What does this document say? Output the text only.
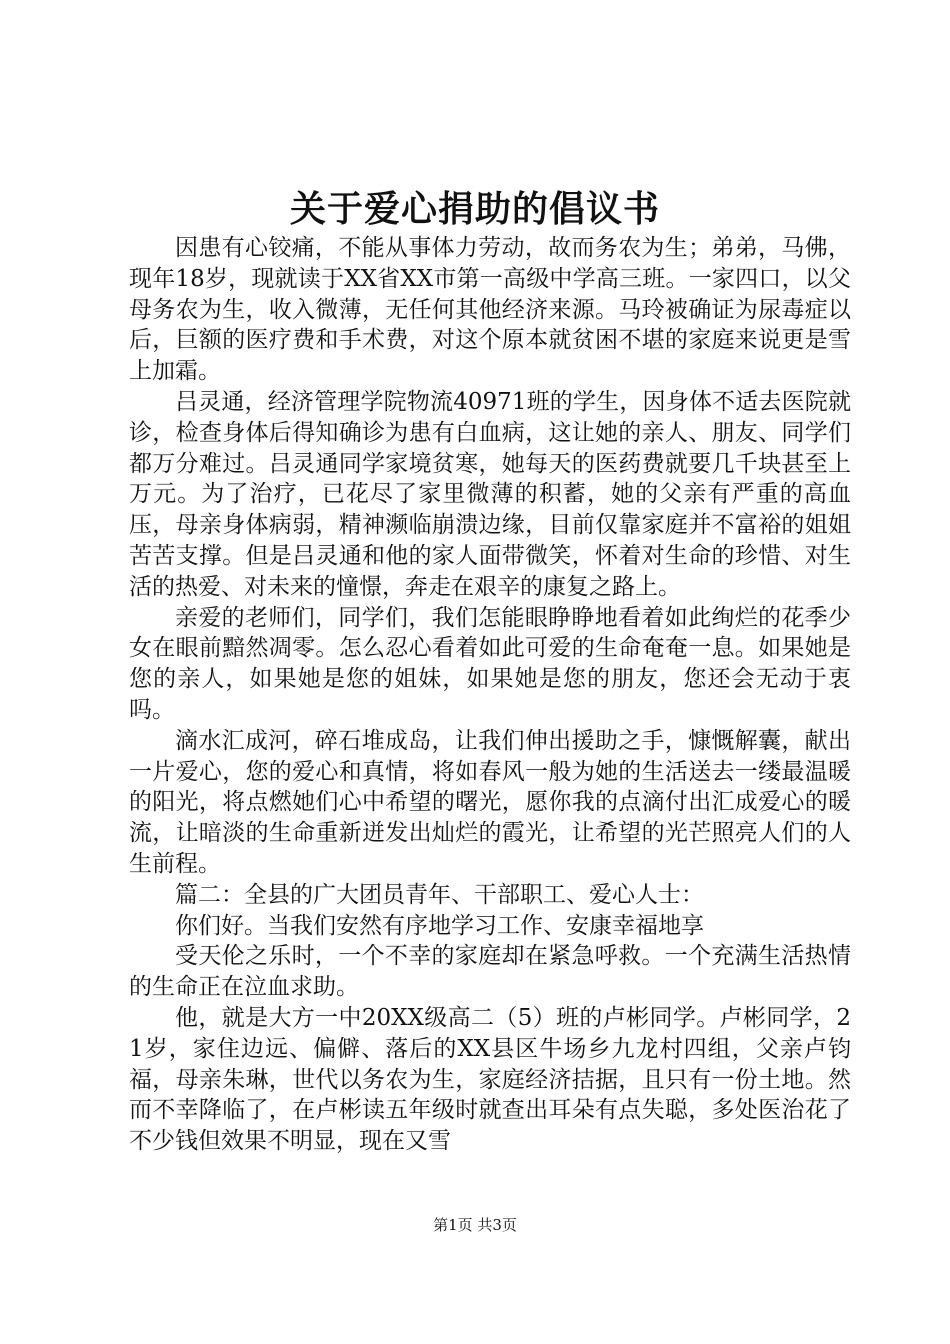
关于爱心捐助的倡议书

因患有心铰痛，不能从事体力劳动，故而务农为生；弟弟，马佛，现年18岁，现就读于XX省XX市第一高级中学高三班。一家四口，以父母务农为生，收入微薄，无任何其他经济来源。马玲被确证为尿毒症以后，巨额的医疗费和手术费，对这个原本就贫困不堪的家庭来说更是雪上加霜。

吕灵通，经济管理学院物流40971班的学生，因身体不适去医院就诊，检查身体后得知确诊为患有白血病，这让她的亲人、朋友、同学们都万分难过。吕灵通同学家境贫寒，她每天的医药费就要几千块甚至上万元。为了治疗，已花尽了家里微薄的积蓄，她的父亲有严重的高血压，母亲身体病弱，精神濒临崩溃边缘，目前仅靠家庭并不富裕的姐姐苦苦支撑。但是吕灵通和他的家人面带微笑，怀着对生命的珍惜、对生活的热爱、对未来的憧憬，奔走在艰辛的康复之路上。

亲爱的老师们，同学们，我们怎能眼睁睁地看着如此绚烂的花季少女在眼前黯然凋零。怎么忍心看着如此可爱的生命奄奄一息。如果她是您的亲人，如果她是您的姐妹，如果她是您的朋友，您还会无动于衷吗。

滴水汇成河，碎石堆成岛，让我们伸出援助之手，慷慨解囊，献出一片爱心，您的爱心和真情，将如春风一般为她的生活送去一缕最温暖的阳光，将点燃她们心中希望的曙光，愿你我的点滴付出汇成爱心的暖流，让暗淡的生命重新迸发出灿烂的霞光，让希望的光芒照亮人们的人生前程。

篇二：全县的广大团员青年、干部职工、爱心人士：

你们好。当我们安然有序地学习工作、安康幸福地享

受天伦之乐时，一个不幸的家庭却在紧急呼救。一个充满生活热情的生命正在泣血求助。

他，就是大方一中20XX级高二（5）班的卢彬同学。卢彬同学，21岁，家住边远、偏僻、落后的XX县区牛场乡九龙村四组，父亲卢钧福，母亲朱琳，世代以务农为生，家庭经济拮据，且只有一份土地。然而不幸降临了，在卢彬读五年级时就查出耳朵有点失聪，多处医治花了不少钱但效果不明显，现在又雪

第1页 共3页
